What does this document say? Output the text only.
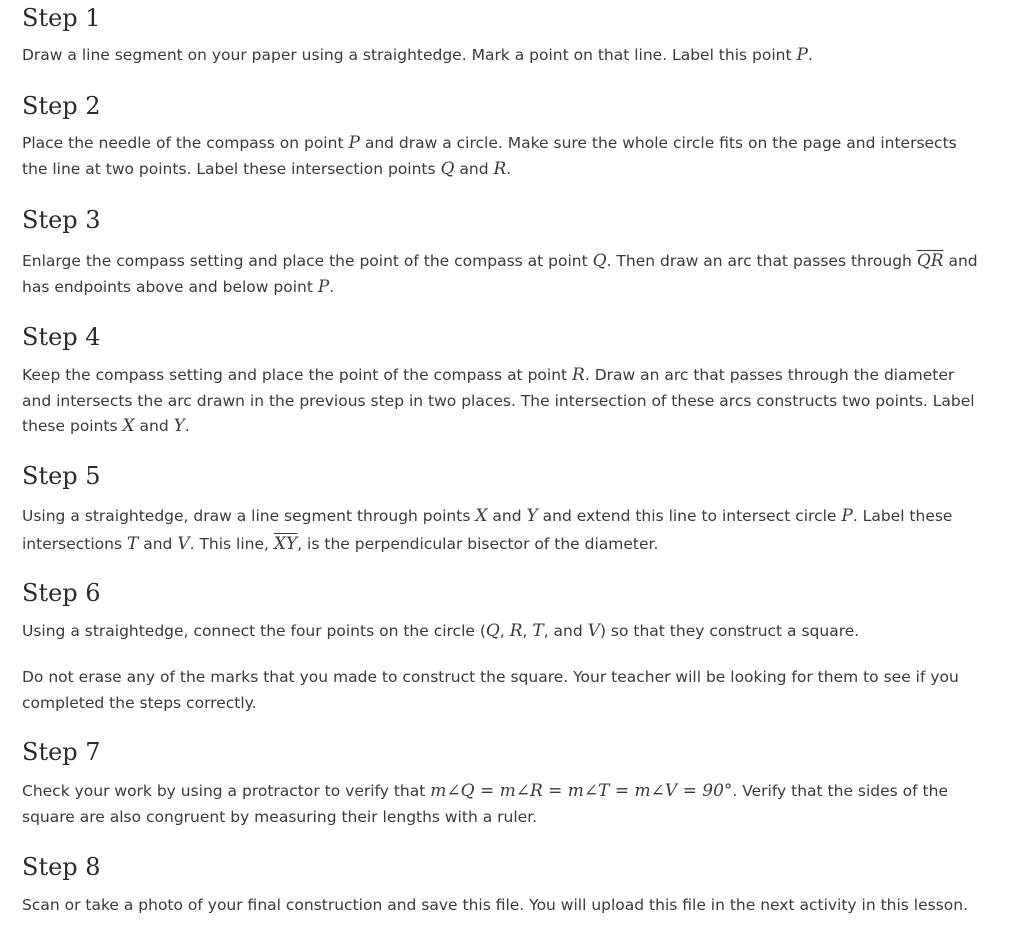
Step 1
Draw a line segment on your paper using a straightedge. Mark a point on that line. Label this point P.
Step 2
Place the needle of the compass on point P and draw a circle. Make sure the whole circle fits on the page and intersects the line at two points. Label these intersection points Q and R.
Step 3
Enlarge the compass setting and place the point of the compass at point Q. Then draw an arc that passes through $\overline{QR}$ and has endpoints above and below point P.
Step 4
Keep the compass setting and place the point of the compass at point R. Draw an arc that passes through the diameter and intersects the arc drawn in the previous step in two places. The intersection of these arcs constructs two points. Label these points X and Y.
Step 5
Using a straightedge, draw a line segment through points X and Y and extend this line to intersect circle P. Label these intersections T and V. This line, $\overline{XY}$, is the perpendicular bisector of the diameter.
Step 6
Using a straightedge, connect the four points on the circle (Q, R, T, and V) so that they construct a square.
Do not erase any of the marks that you made to construct the square. Your teacher will be looking for them to see if you completed the steps correctly.
Step 7
Check your work by using a protractor to verify that m∠Q = m∠R = m∠T = m∠V = 90°. Verify that the sides of the square are also congruent by measuring their lengths with a ruler.
Step 8
Scan or take a photo of your final construction and save this file. You will upload this file in the next activity in this lesson.
